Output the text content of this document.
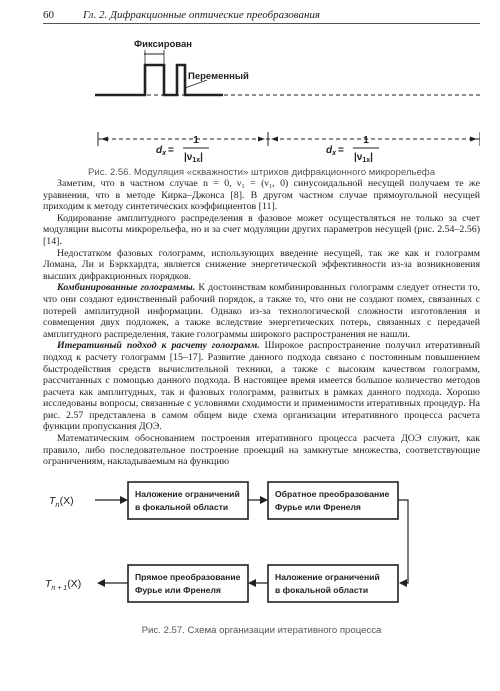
60	Гл. 2. Дифракционные оптические преобразования
Фиксирован
Переменный
$d_x$ =
1
$|\nu_{1x}|$
$d_x$ =
1
$|\nu_{1x}|$
Рис. 2.56. Модуляция «скважности» штрихов дифракционного микрорельефа

Заметим, что в частном случае n = 0, ν₁ = (ν₁, 0) синусоидальной несущей получаем те же уравнения, что в методе Кирка–Джонса [8]. В другом частном случае прямоугольной несущей приходим к методу синтетических коэффициентов [11].

Кодирование амплитудного распределения в фазовое может осуществляться не только за счет модуляции высоты микрорельефа, но и за счет модуляции других параметров несущей (рис. 2.54–2.56) [14].

Недостатком фазовых голограмм, использующих введение несущей, так же как и голограмм Ломана, Ли и Бэркхардта, является снижение энергетической эффективности из-за возникновения высших дифракционных порядков.

Комбинированные голограммы. К достоинствам комбинированных голограмм следует отнести то, что они создают единственный рабочий порядок, а также то, что они не создают помех, связанных с потерей амплитудной информации. Однако из-за технологической сложности изготовления и совмещения двух подложек, а также вследствие энергетических потерь, связанных с передачей амплитудного распределения, такие голограммы широкого распространения не нашли.

Итеративный подход к расчету голограмм. Широкое распространение получил итеративный подход к расчету голограмм [15–17]. Развитие данного подхода связано с постоянным повышением быстродействия средств вычислительной техники, а также с высоким качеством голограмм, рассчитанных с помощью данного подхода. В настоящее время имеется большое количество методов расчета как амплитудных, так и фазовых голограмм, развитых в рамках данного подхода. Хорошо исследованы вопросы, связанные с условиями сходимости и применимости итеративных процедур. На рис. 2.57 представлена в самом общем виде схема организации итеративного процесса расчета функции пропускания ДОЭ.

Математическим обоснованием построения итеративного процесса расчета ДОЭ служит, как правило, либо последовательное построение проекций на замкнутые множества, соответствующие ограничениям, накладываемым на функцию

Наложение ограничений
в фокальной области
Обратное преобразование
Фурье или Френеля
Прямое преобразование
Фурье или Френеля
Наложение ограничений
в фокальной области
$T_n(X)$
$T_{n + 1}(X)$
Рис. 2.57. Схема организации итеративного процесса
